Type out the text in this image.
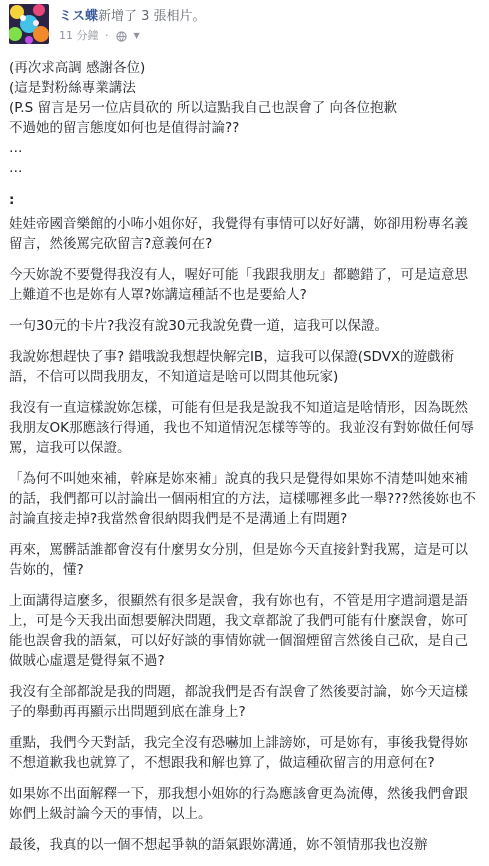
ミス蝶新增了 3 張相片。
11 分鐘 ·	▼

(再次求高調 感謝各位)
(這是對粉絲專業講法
(P.S 留言是另一位店員砍的 所以這點我自己也誤會了 向各位抱歉
不過她的留言態度如何也是值得討論??
…
…

:

娃娃帝國音樂館的小咘小姐你好，我覺得有事情可以好好講，妳卻用粉專名義留言，然後罵完砍留言?意義何在?

今天妳說不要覺得我沒有人，喔好可能「我跟我朋友」都聽錯了，可是這意思上難道不也是妳有人罩?妳講這種話不也是要給人?

一句30元的卡片?我沒有說30元我說免費一道，這我可以保證。

我說妳想趕快了事? 錯哦說我想趕快解完IB，這我可以保證(SDVX的遊戲術語，不信可以問我朋友，不知道這是啥可以問其他玩家)

我沒有一直這樣說妳怎樣，可能有但是我是說我不知道這是啥情形，因為既然我朋友OK那應該行得通，我也不知道情況怎樣等等的。我並沒有對妳做任何辱罵，這我可以保證。

「為何不叫她來補，幹麻是妳來補」說真的我只是覺得如果妳不清楚叫她來補的話，我們都可以討論出一個兩相宜的方法，這樣哪裡多此一舉???然後妳也不討論直接走掉?我當然會很納悶我們是不是溝通上有問題?

再來，罵髒話誰都會沒有什麼男女分別，但是妳今天直接針對我罵，這是可以告妳的，懂?

上面講得這麼多，很顯然有很多是誤會，我有妳也有，不管是用字遣詞還是語上，可是今天我出面想要解決問題，我文章都說了我們可能有什麼誤會，妳可能也誤會我的語氣，可以好好談的事情妳就一個溜煙留言然後自己砍，是自己做賊心虛還是覺得氣不過?

我沒有全部都說是我的問題，都說我們是否有誤會了然後要討論，妳今天這樣子的舉動再再顯示出問題到底在誰身上?

重點，我們今天對話，我完全沒有恐嚇加上誹謗妳，可是妳有，事後我覺得妳不想道歉我也就算了，不想跟我和解也算了，做這種砍留言的用意何在?

如果妳不出面解釋一下，那我想小姐妳的行為應該會更為流傳，然後我們會跟妳們上級討論今天的事情，以上。

最後，我真的以一個不想起爭執的語氣跟妳溝通，妳不領情那我也沒辦
